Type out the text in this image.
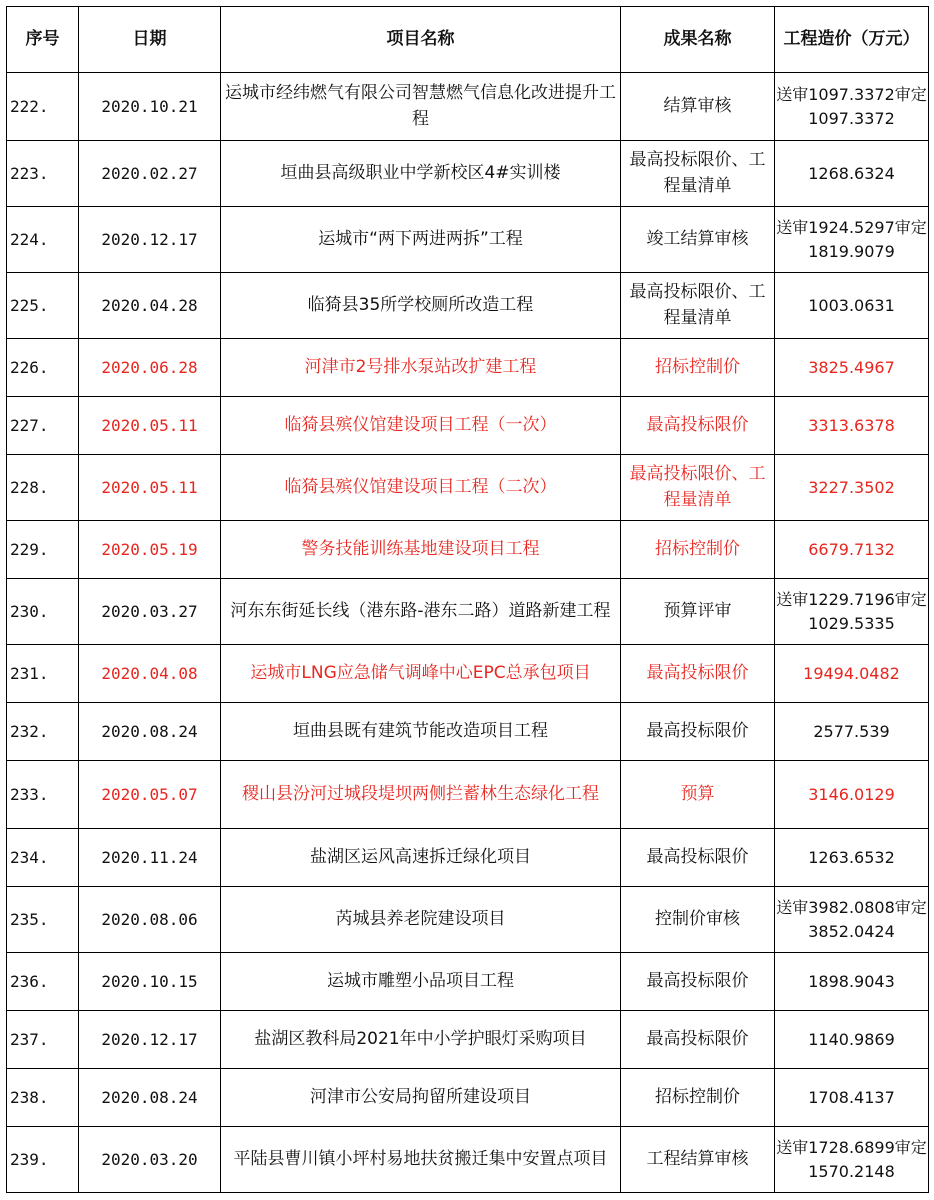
序号	日期	项目名称	成果名称	工程造价（万元）
222.	2020.10.21	运城市经纬燃气有限公司智慧燃气信息化改进提升工程	结算审核	送审1097.3372审定1097.3372
223.	2020.02.27	垣曲县高级职业中学新校区4#实训楼	最高投标限价、工程量清单	1268.6324
224.	2020.12.17	运城市“两下两进两拆”工程	竣工结算审核	送审1924.5297审定1819.9079
225.	2020.04.28	临猗县35所学校厕所改造工程	最高投标限价、工程量清单	1003.0631
226.	2020.06.28	河津市2号排水泵站改扩建工程	招标控制价	3825.4967
227.	2020.05.11	临猗县殡仪馆建设项目工程（一次）	最高投标限价	3313.6378
228.	2020.05.11	临猗县殡仪馆建设项目工程（二次）	最高投标限价、工程量清单	3227.3502
229.	2020.05.19	警务技能训练基地建设项目工程	招标控制价	6679.7132
230.	2020.03.27	河东东街延长线（港东路-港东二路）道路新建工程	预算评审	送审1229.7196审定1029.5335
231.	2020.04.08	运城市LNG应急储气调峰中心EPC总承包项目	最高投标限价	19494.0482
232.	2020.08.24	垣曲县既有建筑节能改造项目工程	最高投标限价	2577.539
233.	2020.05.07	稷山县汾河过城段堤坝两侧拦蓄林生态绿化工程	预算	3146.0129
234.	2020.11.24	盐湖区运风高速拆迁绿化项目	最高投标限价	1263.6532
235.	2020.08.06	芮城县养老院建设项目	控制价审核	送审3982.0808审定3852.0424
236.	2020.10.15	运城市雕塑小品项目工程	最高投标限价	1898.9043
237.	2020.12.17	盐湖区教科局2021年中小学护眼灯采购项目	最高投标限价	1140.9869
238.	2020.08.24	河津市公安局拘留所建设项目	招标控制价	1708.4137
239.	2020.03.20	平陆县曹川镇小坪村易地扶贫搬迁集中安置点项目	工程结算审核	送审1728.6899审定1570.2148
